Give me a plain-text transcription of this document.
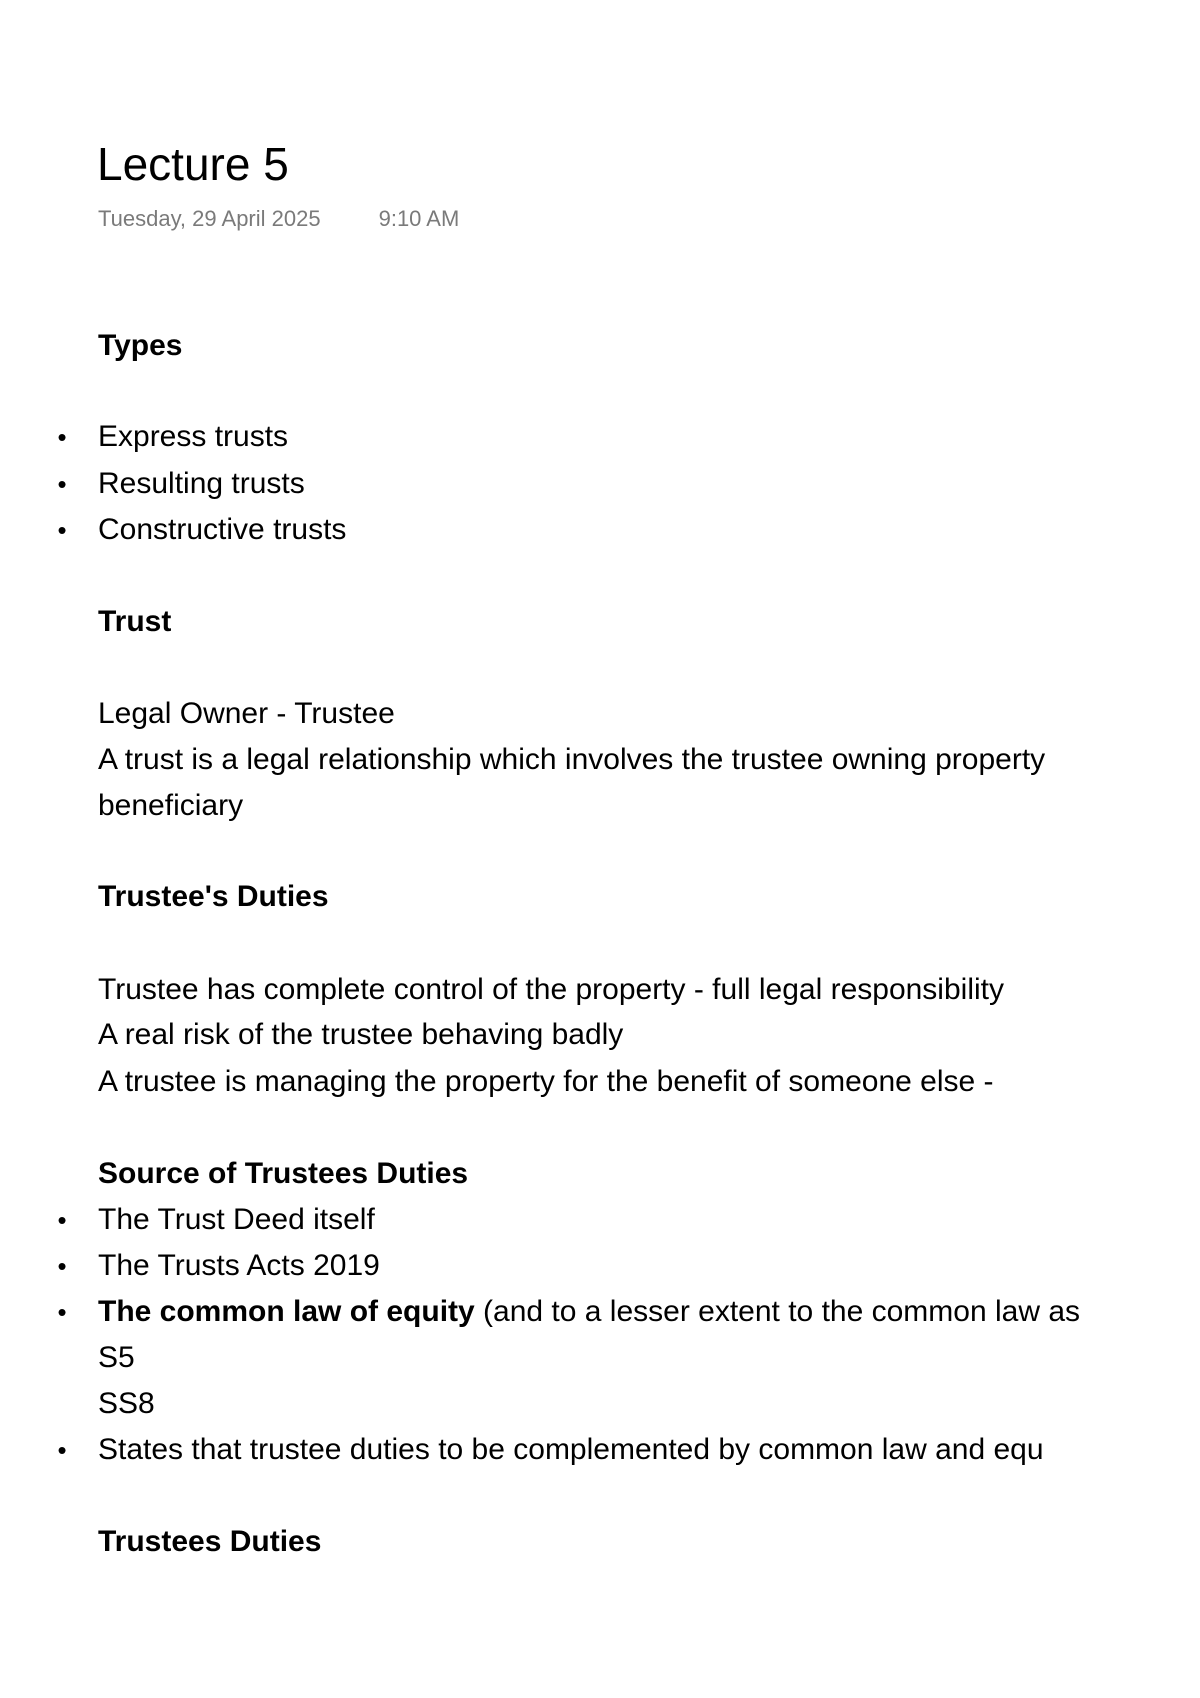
Lecture 5
Tuesday, 29 April 2025	9:10 AM
Types
• Express trusts
• Resulting trusts
• Constructive trusts
Trust
Legal Owner - Trustee
A trust is a legal relationship which involves the trustee owning property
beneficiary
Trustee's Duties
Trustee has complete control of the property - full legal responsibility
A real risk of the trustee behaving badly
A trustee is managing the property for the benefit of someone else -
Source of Trustees Duties
• The Trust Deed itself
• The Trusts Acts 2019
• The common law of equity (and to a lesser extent to the common law as
S5
SS8
• States that trustee duties to be complemented by common law and equ
Trustees Duties
